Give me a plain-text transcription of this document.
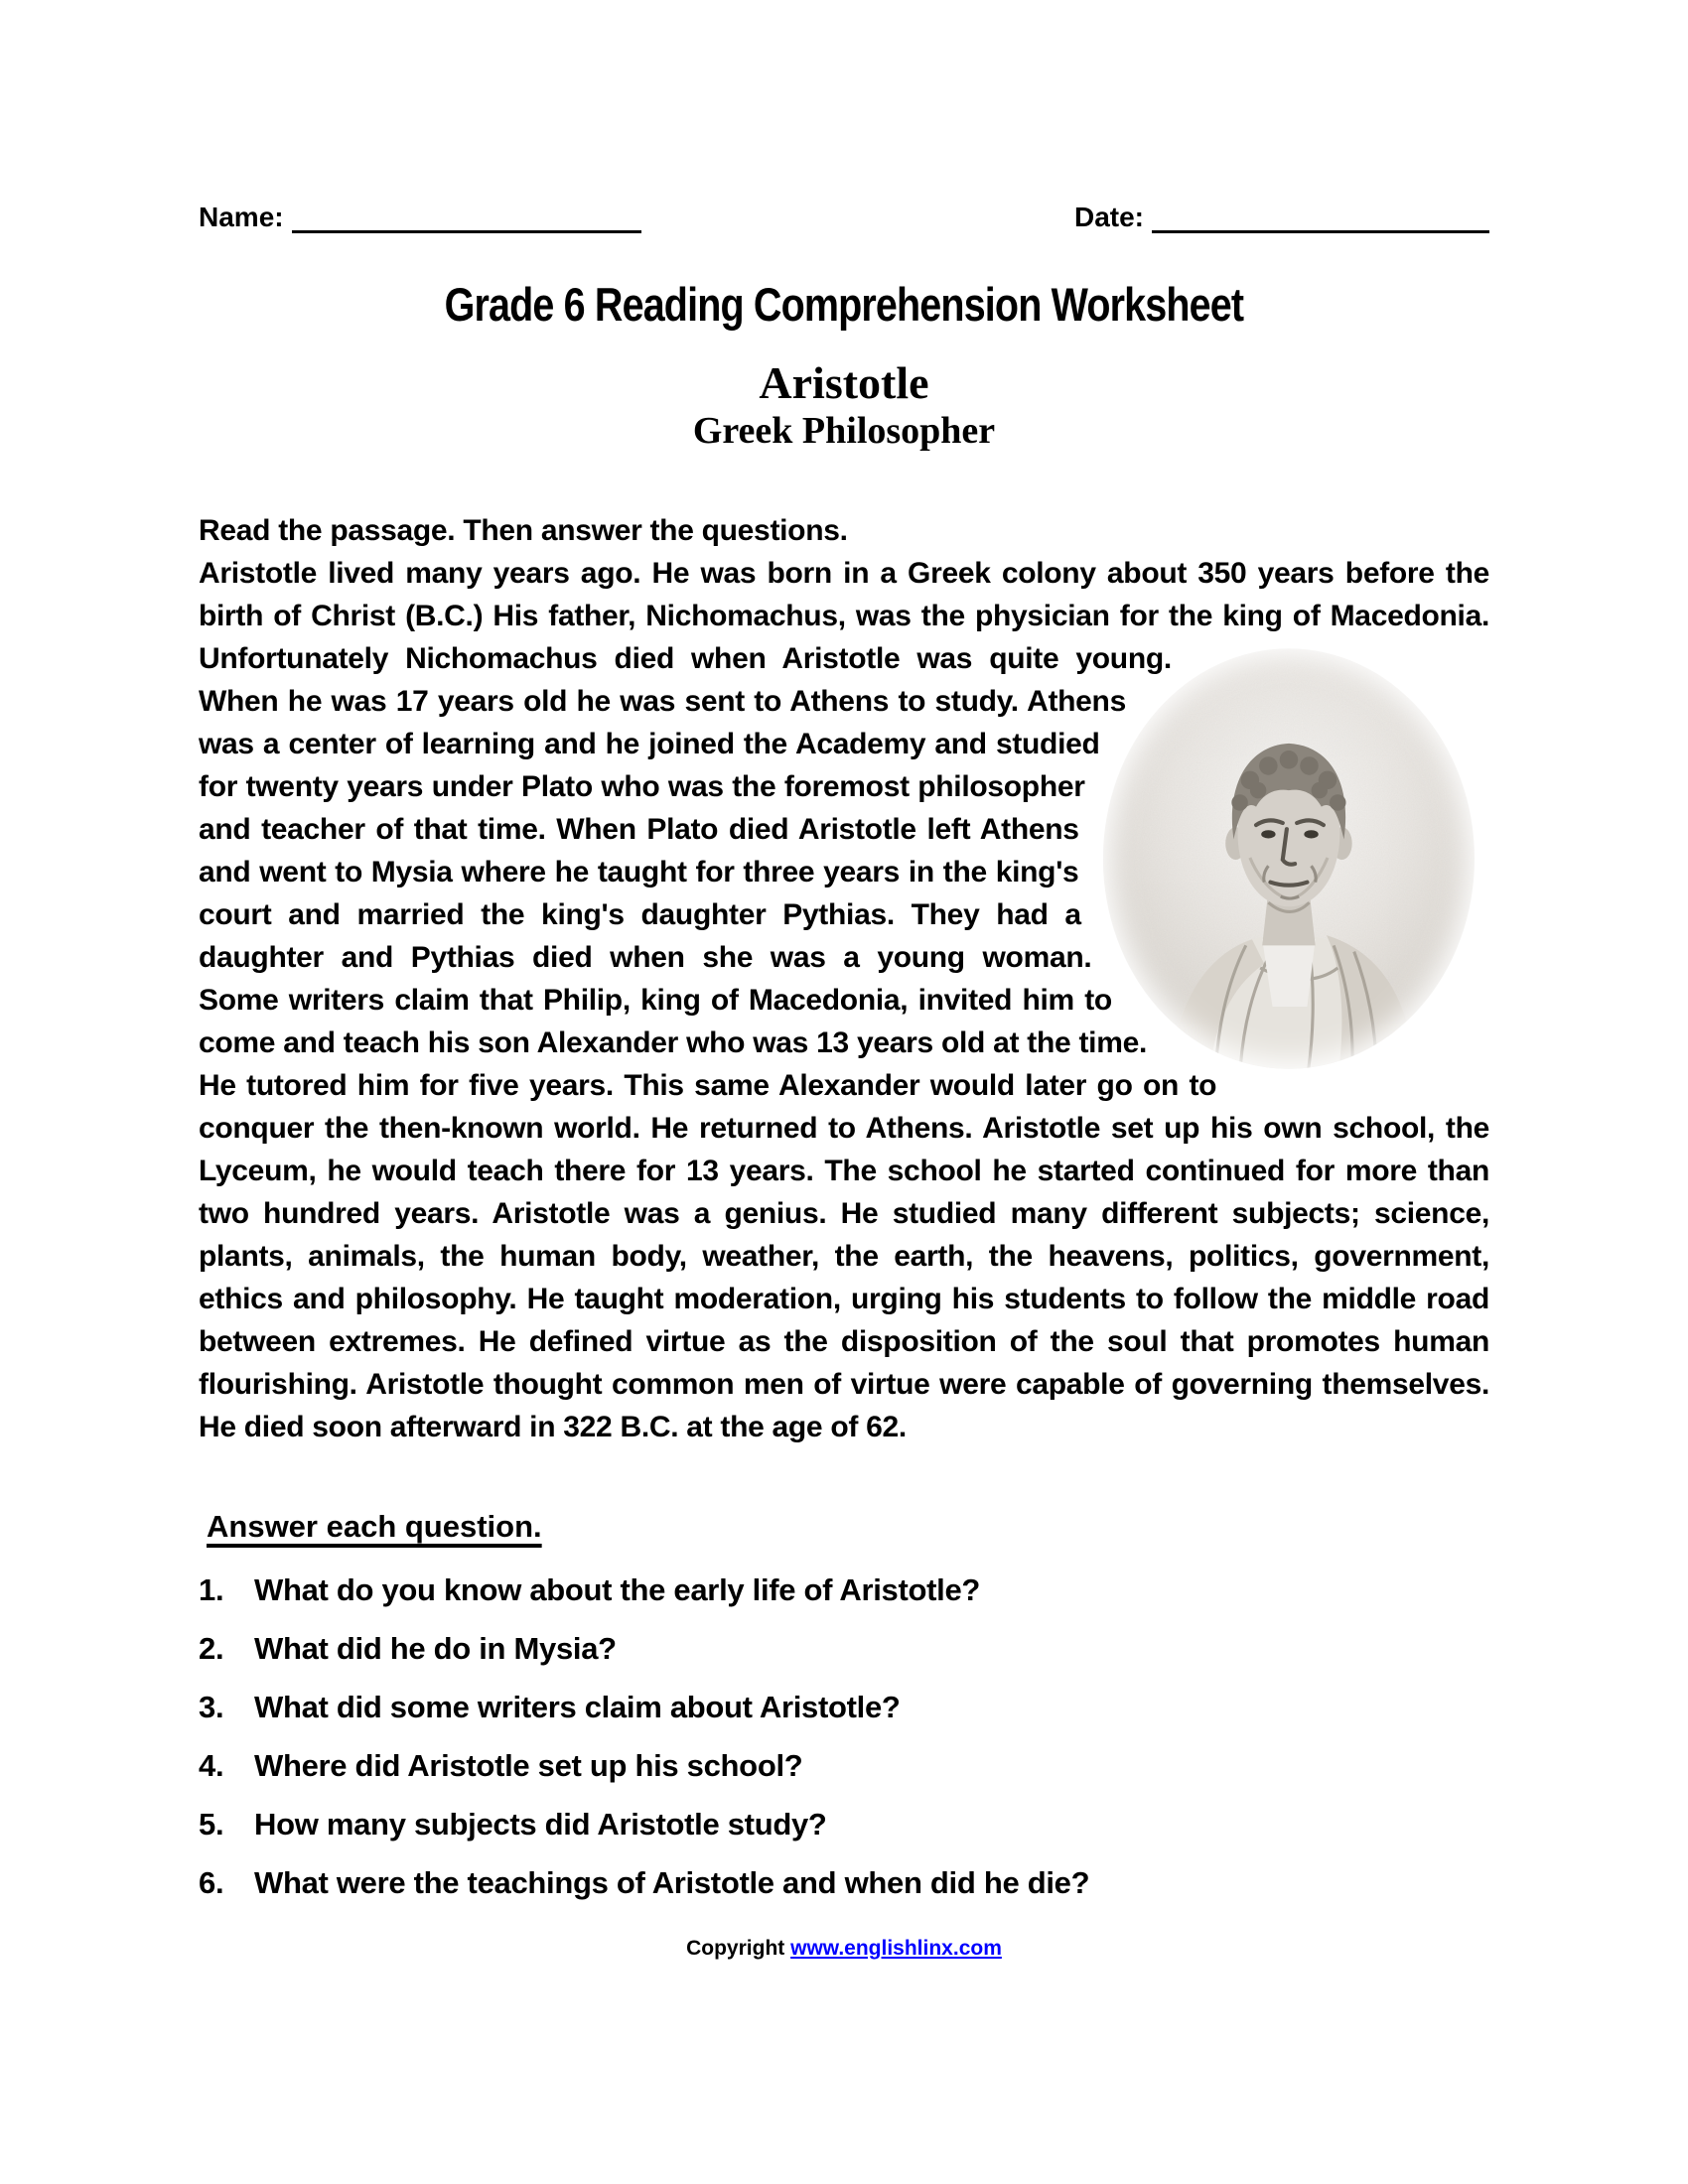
Name:	Date:
Grade 6 Reading Comprehension Worksheet
Aristotle
Greek Philosopher
Read the passage. Then answer the questions.

Aristotle lived many years ago. He was born in a Greek colony about 350 years before the birth of Christ (B.C.) His father, Nichomachus, was the physician for the king of Macedonia. Unfortunately Nichomachus died when Aristotle was quite young. When he was 17 years old he was sent to Athens to study. Athens was a center of learning and he joined the Academy and studied for twenty years under Plato who was the foremost philosopher and teacher of that time. When Plato died Aristotle left Athens and went to Mysia where he taught for three years in the king's court and married the king's daughter Pythias. They had a daughter and Pythias died when she was a young woman. Some writers claim that Philip, king of Macedonia, invited him to come and teach his son Alexander who was 13 years old at the time. He tutored him for five years. This same Alexander would later go on to conquer the then-known world. He returned to Athens. Aristotle set up his own school, the Lyceum, he would teach there for 13 years. The school he started continued for more than two hundred years. Aristotle was a genius. He studied many different subjects; science, plants, animals, the human body, weather, the earth, the heavens, politics, government, ethics and philosophy. He taught moderation, urging his students to follow the middle road between extremes. He defined virtue as the disposition of the soul that promotes human flourishing. Aristotle thought common men of virtue were capable of governing themselves. He died soon afterward in 322 B.C. at the age of 62.

Answer each question.
1. What do you know about the early life of Aristotle?
2. What did he do in Mysia?
3. What did some writers claim about Aristotle?
4. Where did Aristotle set up his school?
5. How many subjects did Aristotle study?
6. What were the teachings of Aristotle and when did he die?
Copyright www.englishlinx.com
